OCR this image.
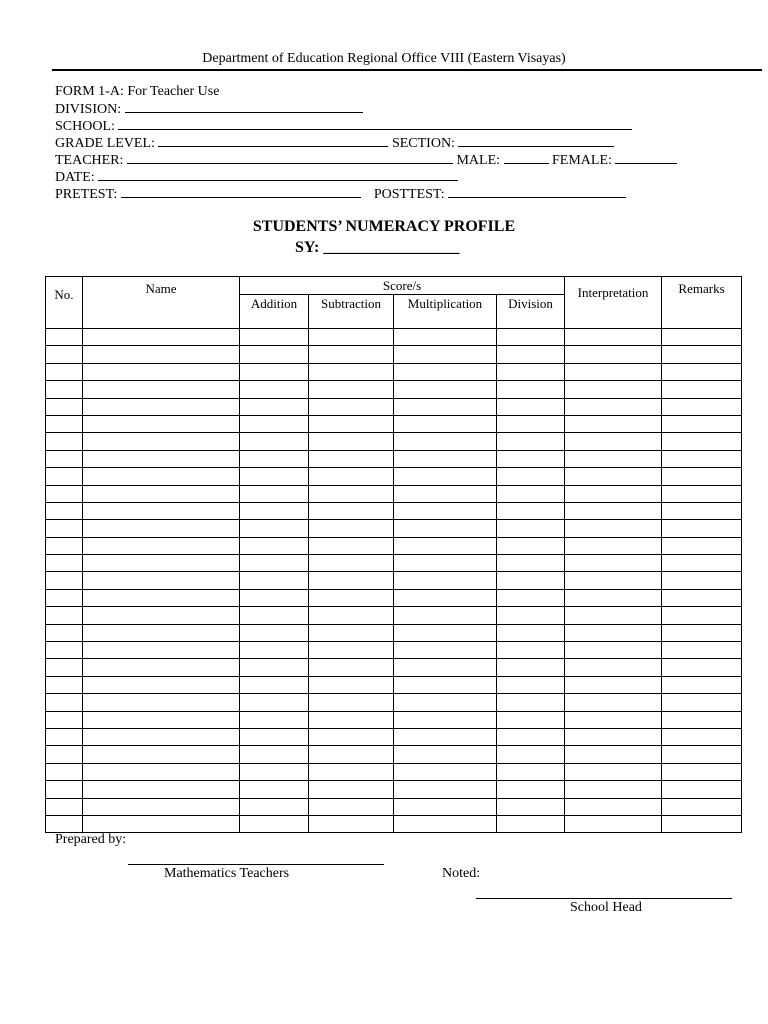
Department of Education Regional Office VIII (Eastern Visayas)
FORM 1-A: For Teacher Use
DIVISION:
SCHOOL:
GRADE LEVEL:	SECTION:
TEACHER:	MALE:	FEMALE:
DATE:
PRETEST:	POSTTEST:
STUDENTS’ NUMERACY PROFILE
SY: _________________
No.	Name	Score/s				Interpretation	Remarks
		Addition	Subtraction	Multiplication	Division		

Prepared by:
Mathematics Teachers	Noted:
School Head
